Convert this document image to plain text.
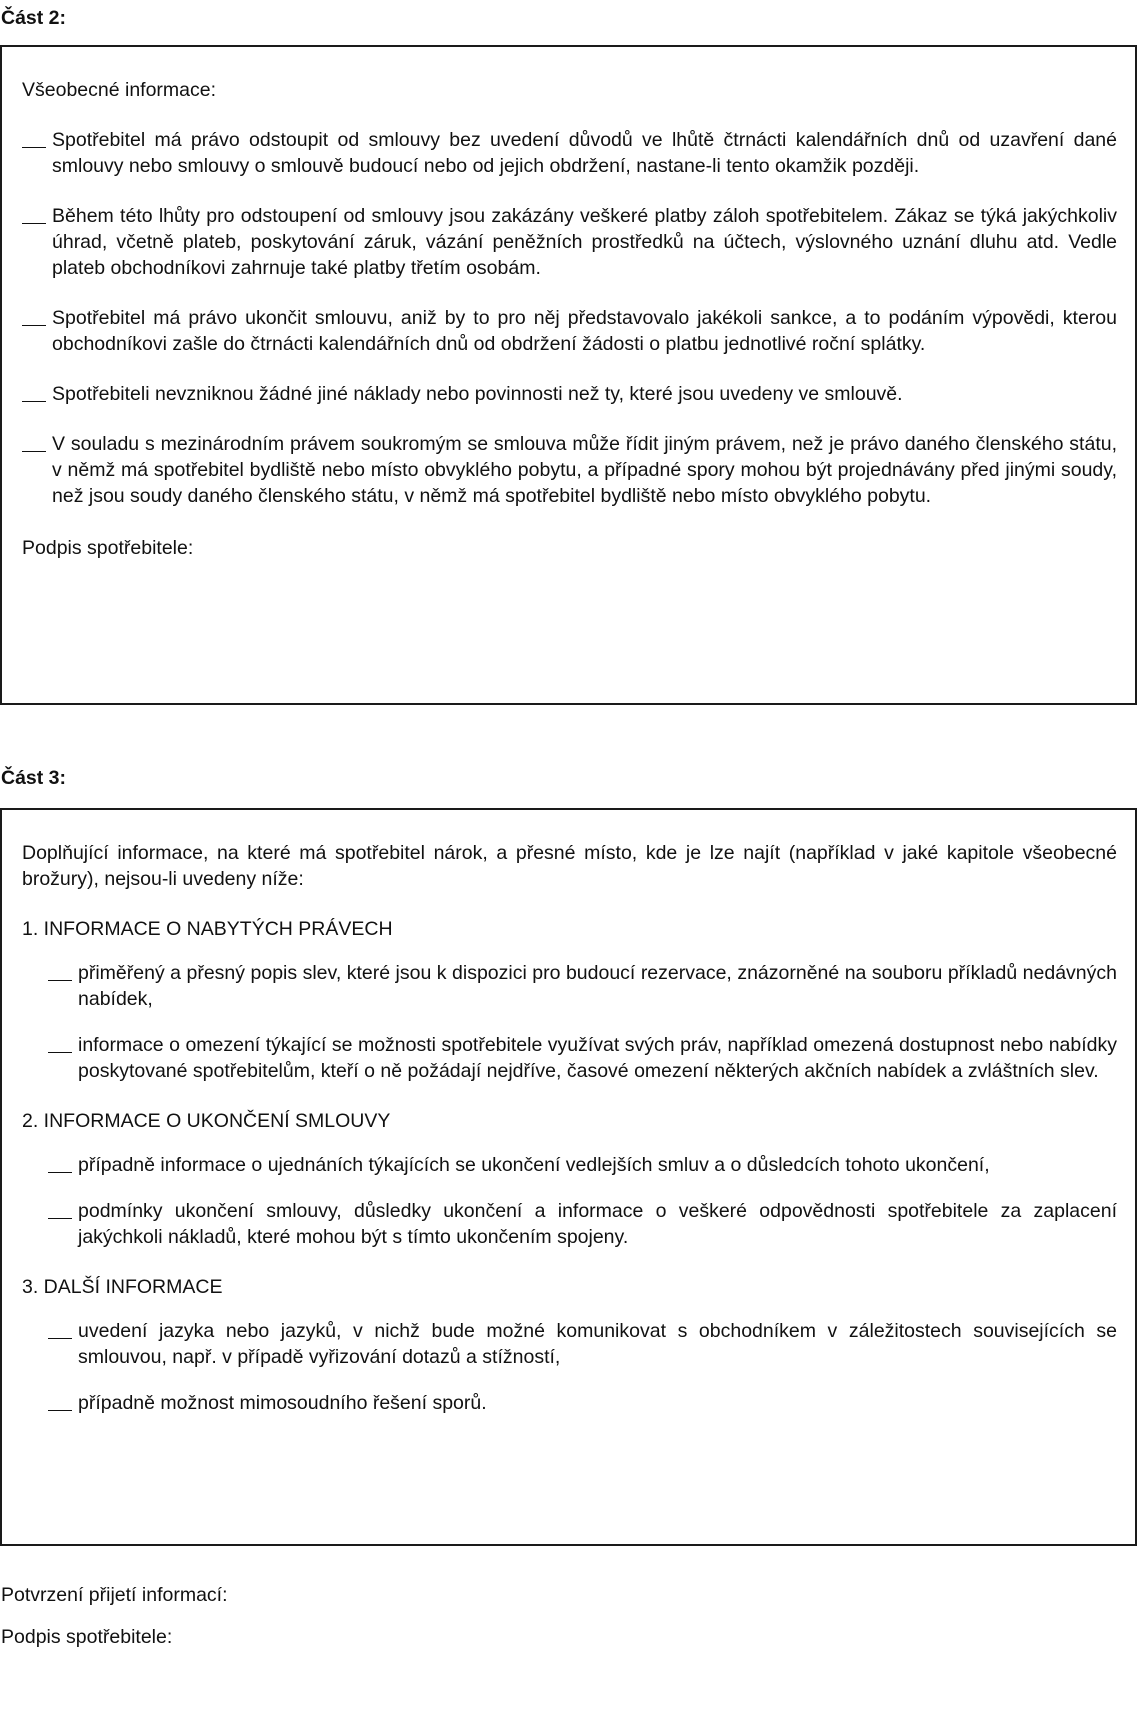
Část 2:

Všeobecné informace:

Spotřebitel má právo odstoupit od smlouvy bez uvedení důvodů ve lhůtě čtrnácti kalendářních dnů od uzavření dané smlouvy nebo smlouvy o smlouvě budoucí nebo od jejich obdržení, nastane-li tento okamžik později.
Během této lhůty pro odstoupení od smlouvy jsou zakázány veškeré platby záloh spotřebitelem. Zákaz se týká jakýchkoliv úhrad, včetně plateb, poskytování záruk, vázání peněžních prostředků na účtech, výslovného uznání dluhu atd. Vedle plateb obchodníkovi zahrnuje také platby třetím osobám.
Spotřebitel má právo ukončit smlouvu, aniž by to pro něj představovalo jakékoli sankce, a to podáním výpovědi, kterou obchodníkovi zašle do čtrnácti kalendářních dnů od obdržení žádosti o platbu jednotlivé roční splátky.
Spotřebiteli nevzniknou žádné jiné náklady nebo povinnosti než ty, které jsou uvedeny ve smlouvě.
V souladu s mezinárodním právem soukromým se smlouva může řídit jiným právem, než je právo daného členského státu, v němž má spotřebitel bydliště nebo místo obvyklého pobytu, a případné spory mohou být projednávány před jinými soudy, než jsou soudy daného členského státu, v němž má spotřebitel bydliště nebo místo obvyklého pobytu.

Podpis spotřebitele:

Část 3:

Doplňující informace, na které má spotřebitel nárok, a přesné místo, kde je lze najít (například v jaké kapitole všeobecné brožury), nejsou-li uvedeny níže:

1. INFORMACE O NABYTÝCH PRÁVECH

přiměřený a přesný popis slev, které jsou k dispozici pro budoucí rezervace, znázorněné na souboru příkladů nedávných nabídek,
informace o omezení týkající se možnosti spotřebitele využívat svých práv, například omezená dostupnost nebo nabídky poskytované spotřebitelům, kteří o ně požádají nejdříve, časové omezení některých akčních nabídek a zvláštních slev.

2. INFORMACE O UKONČENÍ SMLOUVY

případně informace o ujednáních týkajících se ukončení vedlejších smluv a o důsledcích tohoto ukončení,
podmínky ukončení smlouvy, důsledky ukončení a informace o veškeré odpovědnosti spotřebitele za zaplacení jakýchkoli nákladů, které mohou být s tímto ukončením spojeny.

3. DALŠÍ INFORMACE

uvedení jazyka nebo jazyků, v nichž bude možné komunikovat s obchodníkem v záležitostech souvisejících se smlouvou, např. v případě vyřizování dotazů a stížností,
případně možnost mimosoudního řešení sporů.

Potvrzení přijetí informací:

Podpis spotřebitele:
